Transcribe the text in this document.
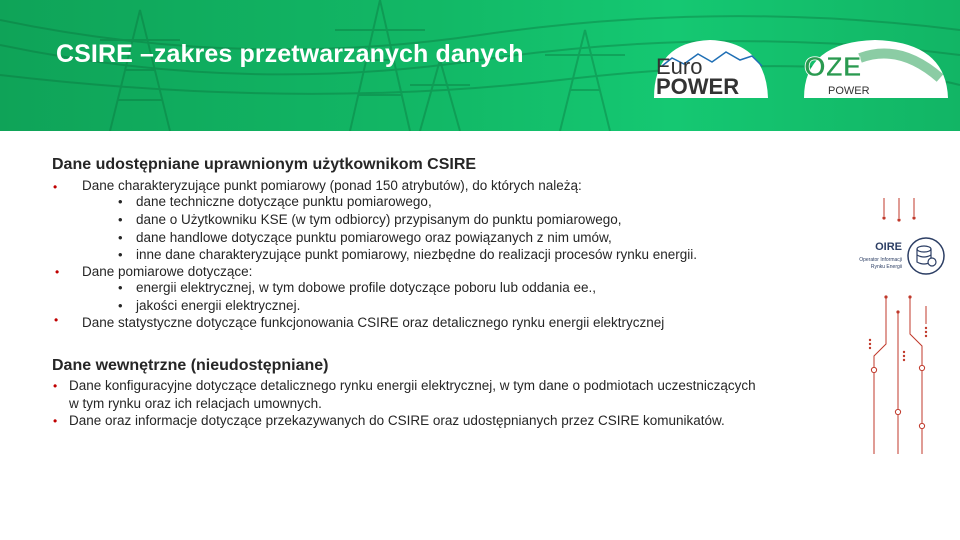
CSIRE –zakres przetwarzanych danych	Euro
POWER
OZE
POWER
Dane udostępniane uprawnionym użytkownikom CSIRE
• Dane charakteryzujące punkt pomiarowy (ponad 150 atrybutów), do których należą:
• dane techniczne dotyczące punktu pomiarowego,
• dane o Użytkowniku KSE (w tym odbiorcy) przypisanym do punktu pomiarowego,
• dane handlowe dotyczące punktu pomiarowego oraz powiązanych z nim umów,
• inne dane charakteryzujące punkt pomiarowy, niezbędne do realizacji procesów rynku energii.
• Dane pomiarowe dotyczące:
• energii elektrycznej, w tym dobowe profile dotyczące poboru lub oddania ee.,
• jakości energii elektrycznej.
• Dane statystyczne dotyczące funkcjonowania CSIRE oraz detalicznego rynku energii elektrycznej
Dane wewnętrzne (nieudostępniane)
• Dane konfiguracyjne dotyczące detalicznego rynku energii elektrycznej, w tym dane o podmiotach uczestniczących
w tym rynku oraz ich relacjach umownych.
• Dane oraz informacje dotyczące przekazywanych do CSIRE oraz udostępnianych przez CSIRE komunikatów.
OIRE
Operator Informacji
Rynku Energii
